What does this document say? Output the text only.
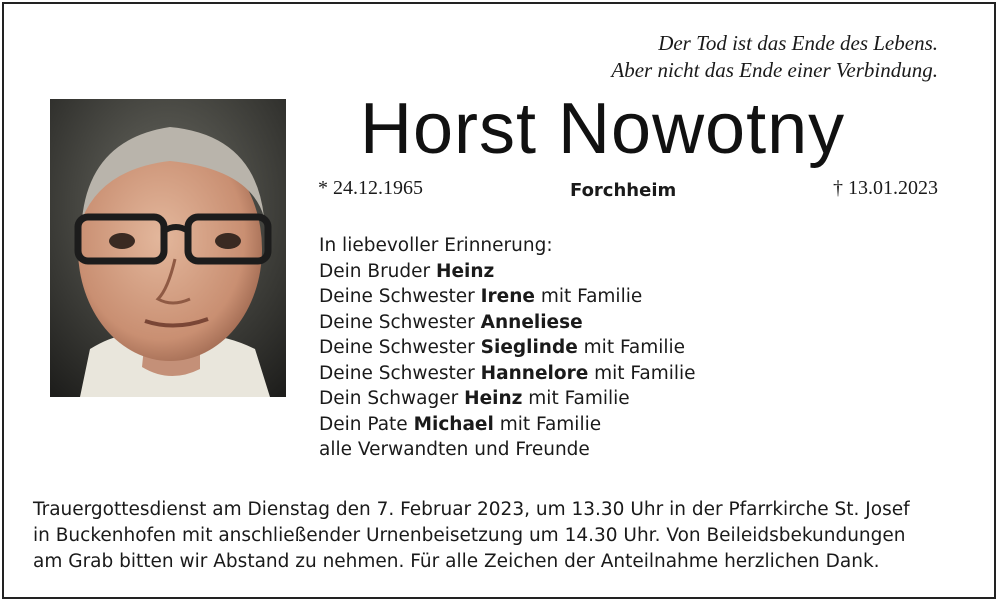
Der Tod ist das Ende des Lebens.
Aber nicht das Ende einer Verbindung.
Horst Nowotny
* 24.12.1965	Forchheim	† 13.01.2023
In liebevoller Erinnerung:
Dein Bruder Heinz
Deine Schwester Irene mit Familie
Deine Schwester Anneliese
Deine Schwester Sieglinde mit Familie
Deine Schwester Hannelore mit Familie
Dein Schwager Heinz mit Familie
Dein Pate Michael mit Familie
alle Verwandten und Freunde
Trauergottesdienst am Dienstag den 7. Februar 2023, um 13.30 Uhr in der Pfarrkirche St. Josef
in Buckenhofen mit anschließender Urnenbeisetzung um 14.30 Uhr. Von Beileidsbekundungen
am Grab bitten wir Abstand zu nehmen. Für alle Zeichen der Anteilnahme herzlichen Dank.
